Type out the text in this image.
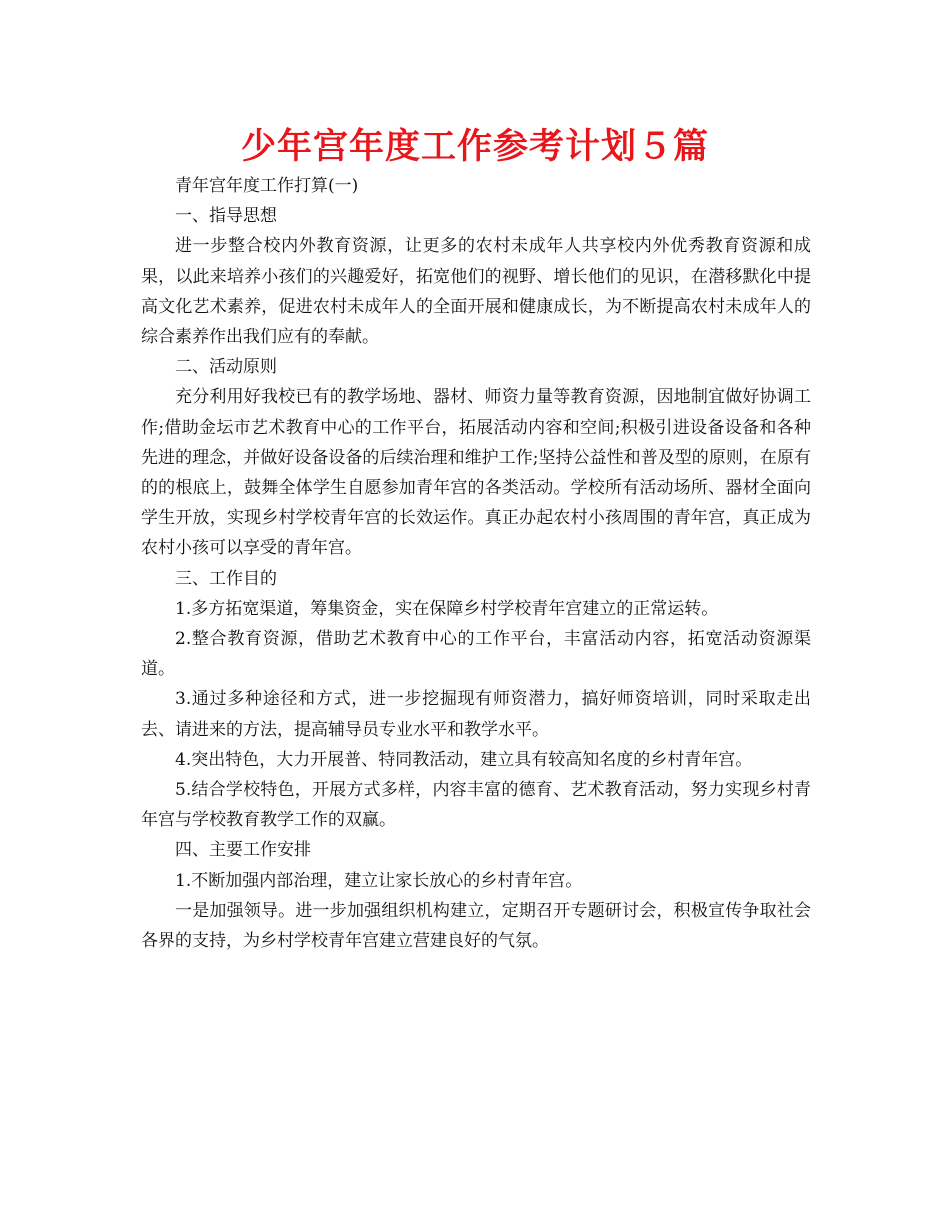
少年宫年度工作参考计划５篇
青年宫年度工作打算(一)
一、指导思想
进一步整合校内外教育资源，让更多的农村未成年人共享校内外优秀教育资源和成果，以此来培养小孩们的兴趣爱好，拓宽他们的视野、增长他们的见识，在潜移默化中提高文化艺术素养，促进农村未成年人的全面开展和健康成长，为不断提高农村未成年人的综合素养作出我们应有的奉献。
二、活动原则
充分利用好我校已有的教学场地、器材、师资力量等教育资源，因地制宜做好协调工作;借助金坛市艺术教育中心的工作平台，拓展活动内容和空间;积极引进设备设备和各种先进的理念，并做好设备设备的后续治理和维护工作;坚持公益性和普及型的原则，在原有的的根底上，鼓舞全体学生自愿参加青年宫的各类活动。学校所有活动场所、器材全面向学生开放，实现乡村学校青年宫的长效运作。真正办起农村小孩周围的青年宫，真正成为农村小孩可以享受的青年宫。
三、工作目的
1.多方拓宽渠道，筹集资金，实在保障乡村学校青年宫建立的正常运转。
2.整合教育资源，借助艺术教育中心的工作平台，丰富活动内容，拓宽活动资源渠道。
3.通过多种途径和方式，进一步挖掘现有师资潜力，搞好师资培训，同时采取走出去、请进来的方法，提高辅导员专业水平和教学水平。
4.突出特色，大力开展普、特同教活动，建立具有较高知名度的乡村青年宫。
5.结合学校特色，开展方式多样，内容丰富的德育、艺术教育活动，努力实现乡村青年宫与学校教育教学工作的双赢。
四、主要工作安排
1.不断加强内部治理，建立让家长放心的乡村青年宫。
一是加强领导。进一步加强组织机构建立，定期召开专题研讨会，积极宣传争取社会各界的支持，为乡村学校青年宫建立营建良好的气氛。
